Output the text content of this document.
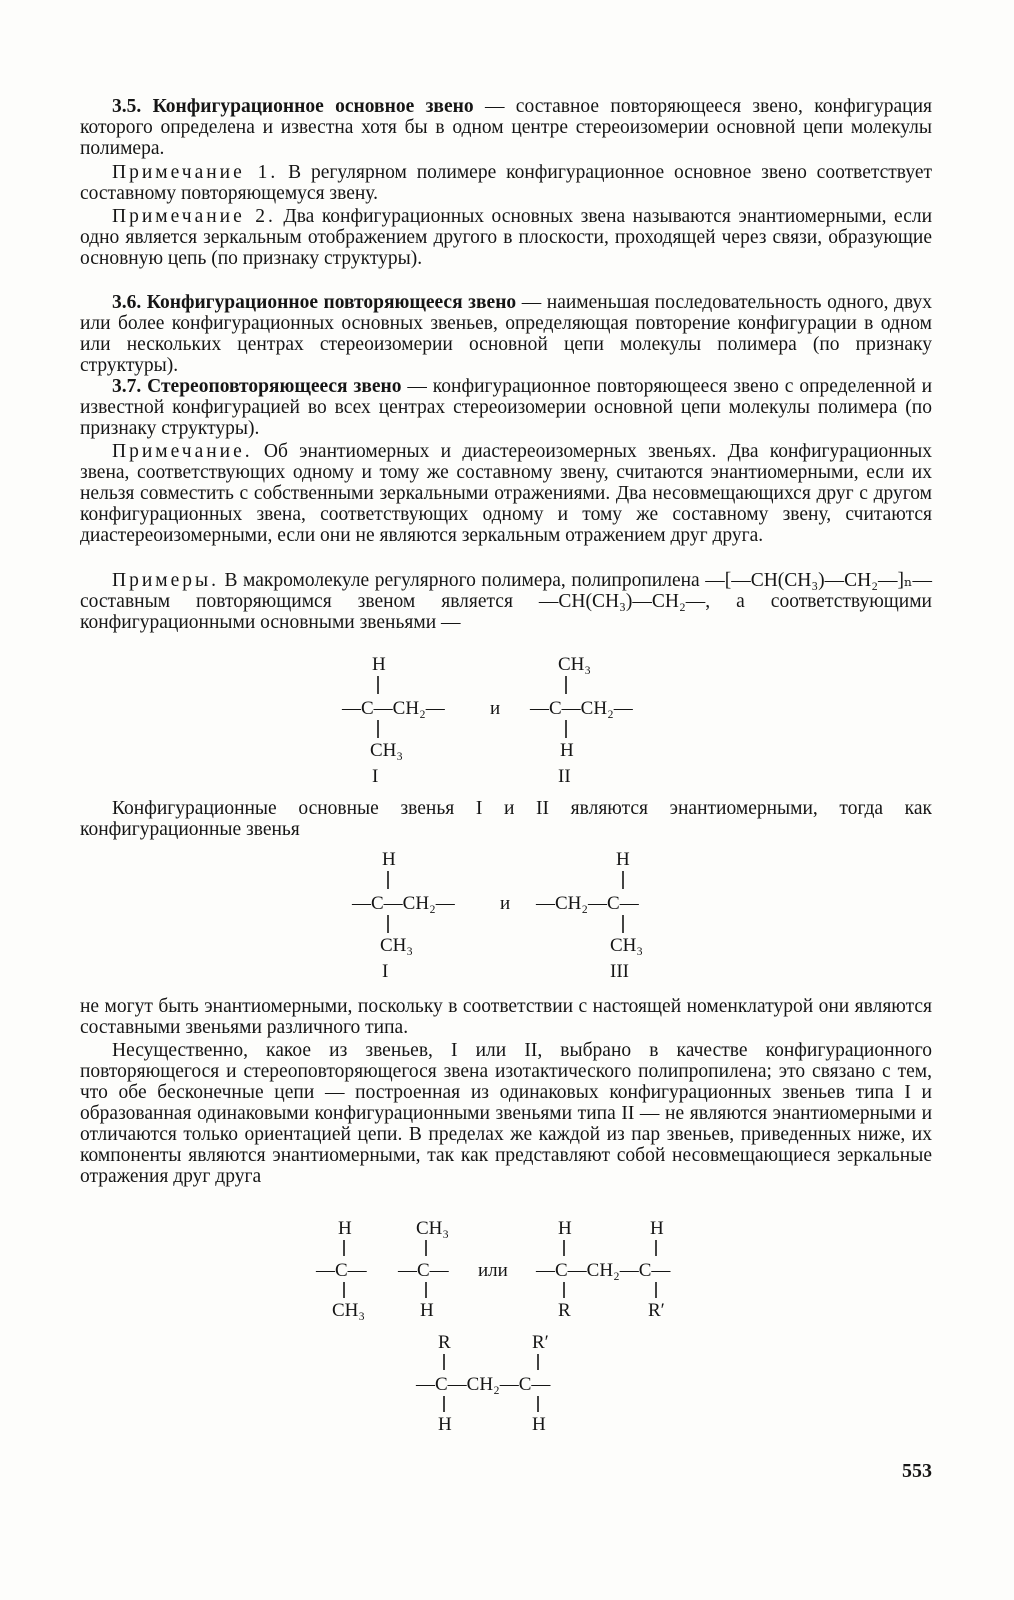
3.5. Конфигурационное основное звено — составное повторяющееся звено, конфигурация которого определена и известна хотя бы в одном центре стереоизомерии основной цепи молекулы полимера.

Примечание 1. В регулярном полимере конфигурационное основное звено соответствует составному повторяющемуся звену.

Примечание 2. Два конфигурационных основных звена называются энантиомерными, если одно является зеркальным отображением другого в плоскости, проходящей через связи, образующие основную цепь (по признаку структуры).

3.6. Конфигурационное повторяющееся звено — наименьшая последовательность одного, двух или более конфигурационных основных звеньев, определяющая повторение конфигурации в одном или нескольких центрах стереоизомерии основной цепи молекулы полимера (по признаку структуры).

3.7. Стереоповторяющееся звено — конфигурационное повторяющееся звено с определенной и известной конфигурацией во всех центрах стереоизомерии основной цепи молекулы полимера (по признаку структуры).

Примечание. Об энантиомерных и диастереоизомерных звеньях. Два конфигурационных звена, соответствующих одному и тому же составному звену, считаются энантиомерными, если их нельзя совместить с собственными зеркальными отражениями. Два несовмещающихся друг с другом конфигурационных звена, соответствующих одному и тому же составному звену, считаются диастереоизомерными, если они не являются зеркальным отражением друг друга.

Примеры. В макромолекуле регулярного полимера, полипропилена —[—CH(CH₃)—CH₂—]ₙ— составным повторяющимся звеном является —CH(CH₃)—CH₂—, а соответствующими конфигурационными основными звеньями —

H
—C—CH₂—
CH₃
I
и
CH₃
—C—CH₂—
H
II

Конфигурационные основные звенья I и II являются энантиомерными, тогда как конфигурационные звенья

H
—C—CH₂—
CH₃
I
и
H
—CH₂—C—
CH₃
III

не могут быть энантиомерными, поскольку в соответствии с настоящей номенклатурой они являются составными звеньями различного типа.

Несущественно, какое из звеньев, I или II, выбрано в качестве конфигурационного повторяющегося и стереоповторяющегося звена изотактического полипропилена; это связано с тем, что обе бесконечные цепи — построенная из одинаковых конфигурационных звеньев типа I и образованная одинаковыми конфигурационными звеньями типа II — не являются энантиомерными и отличаются только ориентацией цепи. В пределах же каждой из пар звеньев, приведенных ниже, их компоненты являются энантиомерными, так как представляют собой несовмещающиеся зеркальные отражения друг друга

H
—C—
CH₃
CH₃
—C—
H
или
H	H
—C—CH₂—C—
R	R′
R	R′
—C—CH₂—C—
H	H
553
